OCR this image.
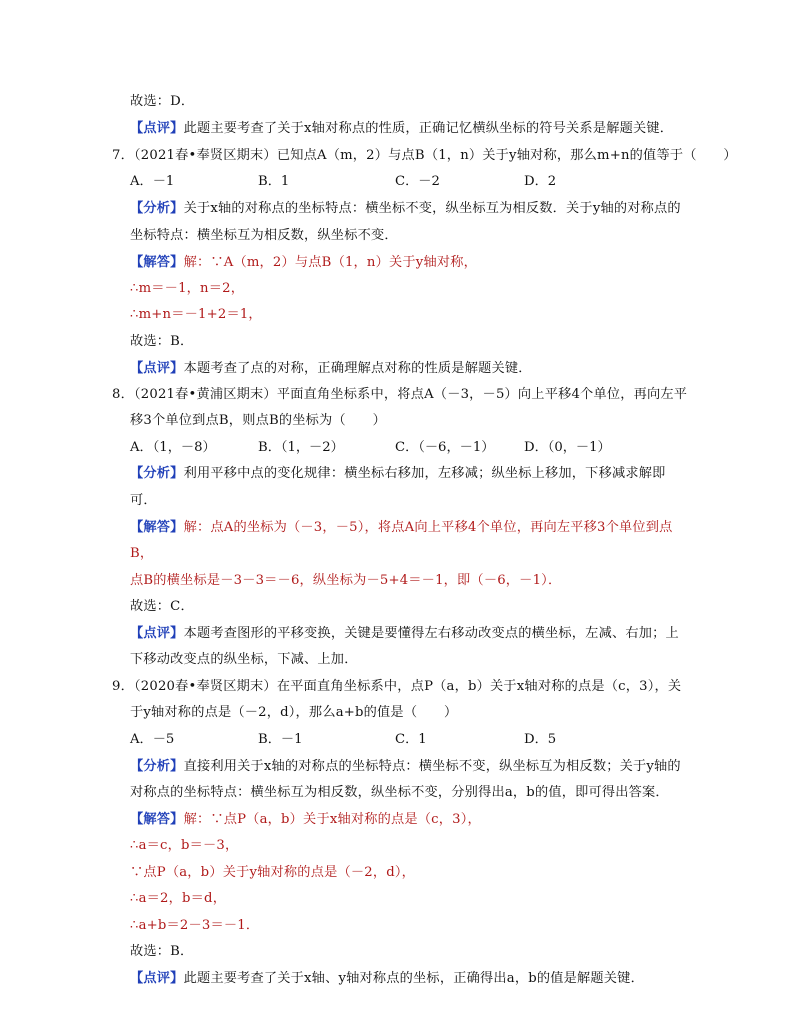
故选：D．
【点评】此题主要考查了关于x轴对称点的性质，正确记忆横纵坐标的符号关系是解题关键．
7．（2021春•奉贤区期末）已知点A（m，2）与点B（1，n）关于y轴对称，那么m+n的值等于（　　）
A．－1	B．1	C．－2	D．2
【分析】关于x轴的对称点的坐标特点：横坐标不变，纵坐标互为相反数．关于y轴的对称点的
坐标特点：横坐标互为相反数，纵坐标不变．
【解答】解：∵A（m，2）与点B（1，n）关于y轴对称，
∴m＝－1，n＝2，
∴m+n＝－1+2＝1，
故选：B．
【点评】本题考查了点的对称，正确理解点对称的性质是解题关键．
8．（2021春•黄浦区期末）平面直角坐标系中，将点A（－3，－5）向上平移4个单位，再向左平
移3个单位到点B，则点B的坐标为（　　）
A．（1，－8）	B．（1，－2）	C．（－6，－1） D．（0，－1）
【分析】利用平移中点的变化规律：横坐标右移加，左移减；纵坐标上移加，下移减求解即
可．
【解答】解：点A的坐标为（－3，－5），将点A向上平移4个单位，再向左平移3个单位到点
B，
点B的横坐标是－3－3＝－6，纵坐标为－5+4＝－1，即（－6，－1）．
故选：C．
【点评】本题考查图形的平移变换，关键是要懂得左右移动改变点的横坐标，左减、右加；上
下移动改变点的纵坐标，下减、上加．
9．（2020春•奉贤区期末）在平面直角坐标系中，点P（a，b）关于x轴对称的点是（c，3），关
于y轴对称的点是（－2，d），那么a+b的值是（　　）
A．－5	B．－1	C．1	D．5
【分析】直接利用关于x轴的对称点的坐标特点：横坐标不变，纵坐标互为相反数；关于y轴的
对称点的坐标特点：横坐标互为相反数，纵坐标不变，分别得出a，b的值，即可得出答案．
【解答】解：∵点P（a，b）关于x轴对称的点是（c，3），
∴a＝c，b＝－3，
∵点P（a，b）关于y轴对称的点是（－2，d），
∴a＝2，b＝d，
∴a+b＝2－3＝－1．
故选：B．
【点评】此题主要考查了关于x轴、y轴对称点的坐标，正确得出a，b的值是解题关键．
